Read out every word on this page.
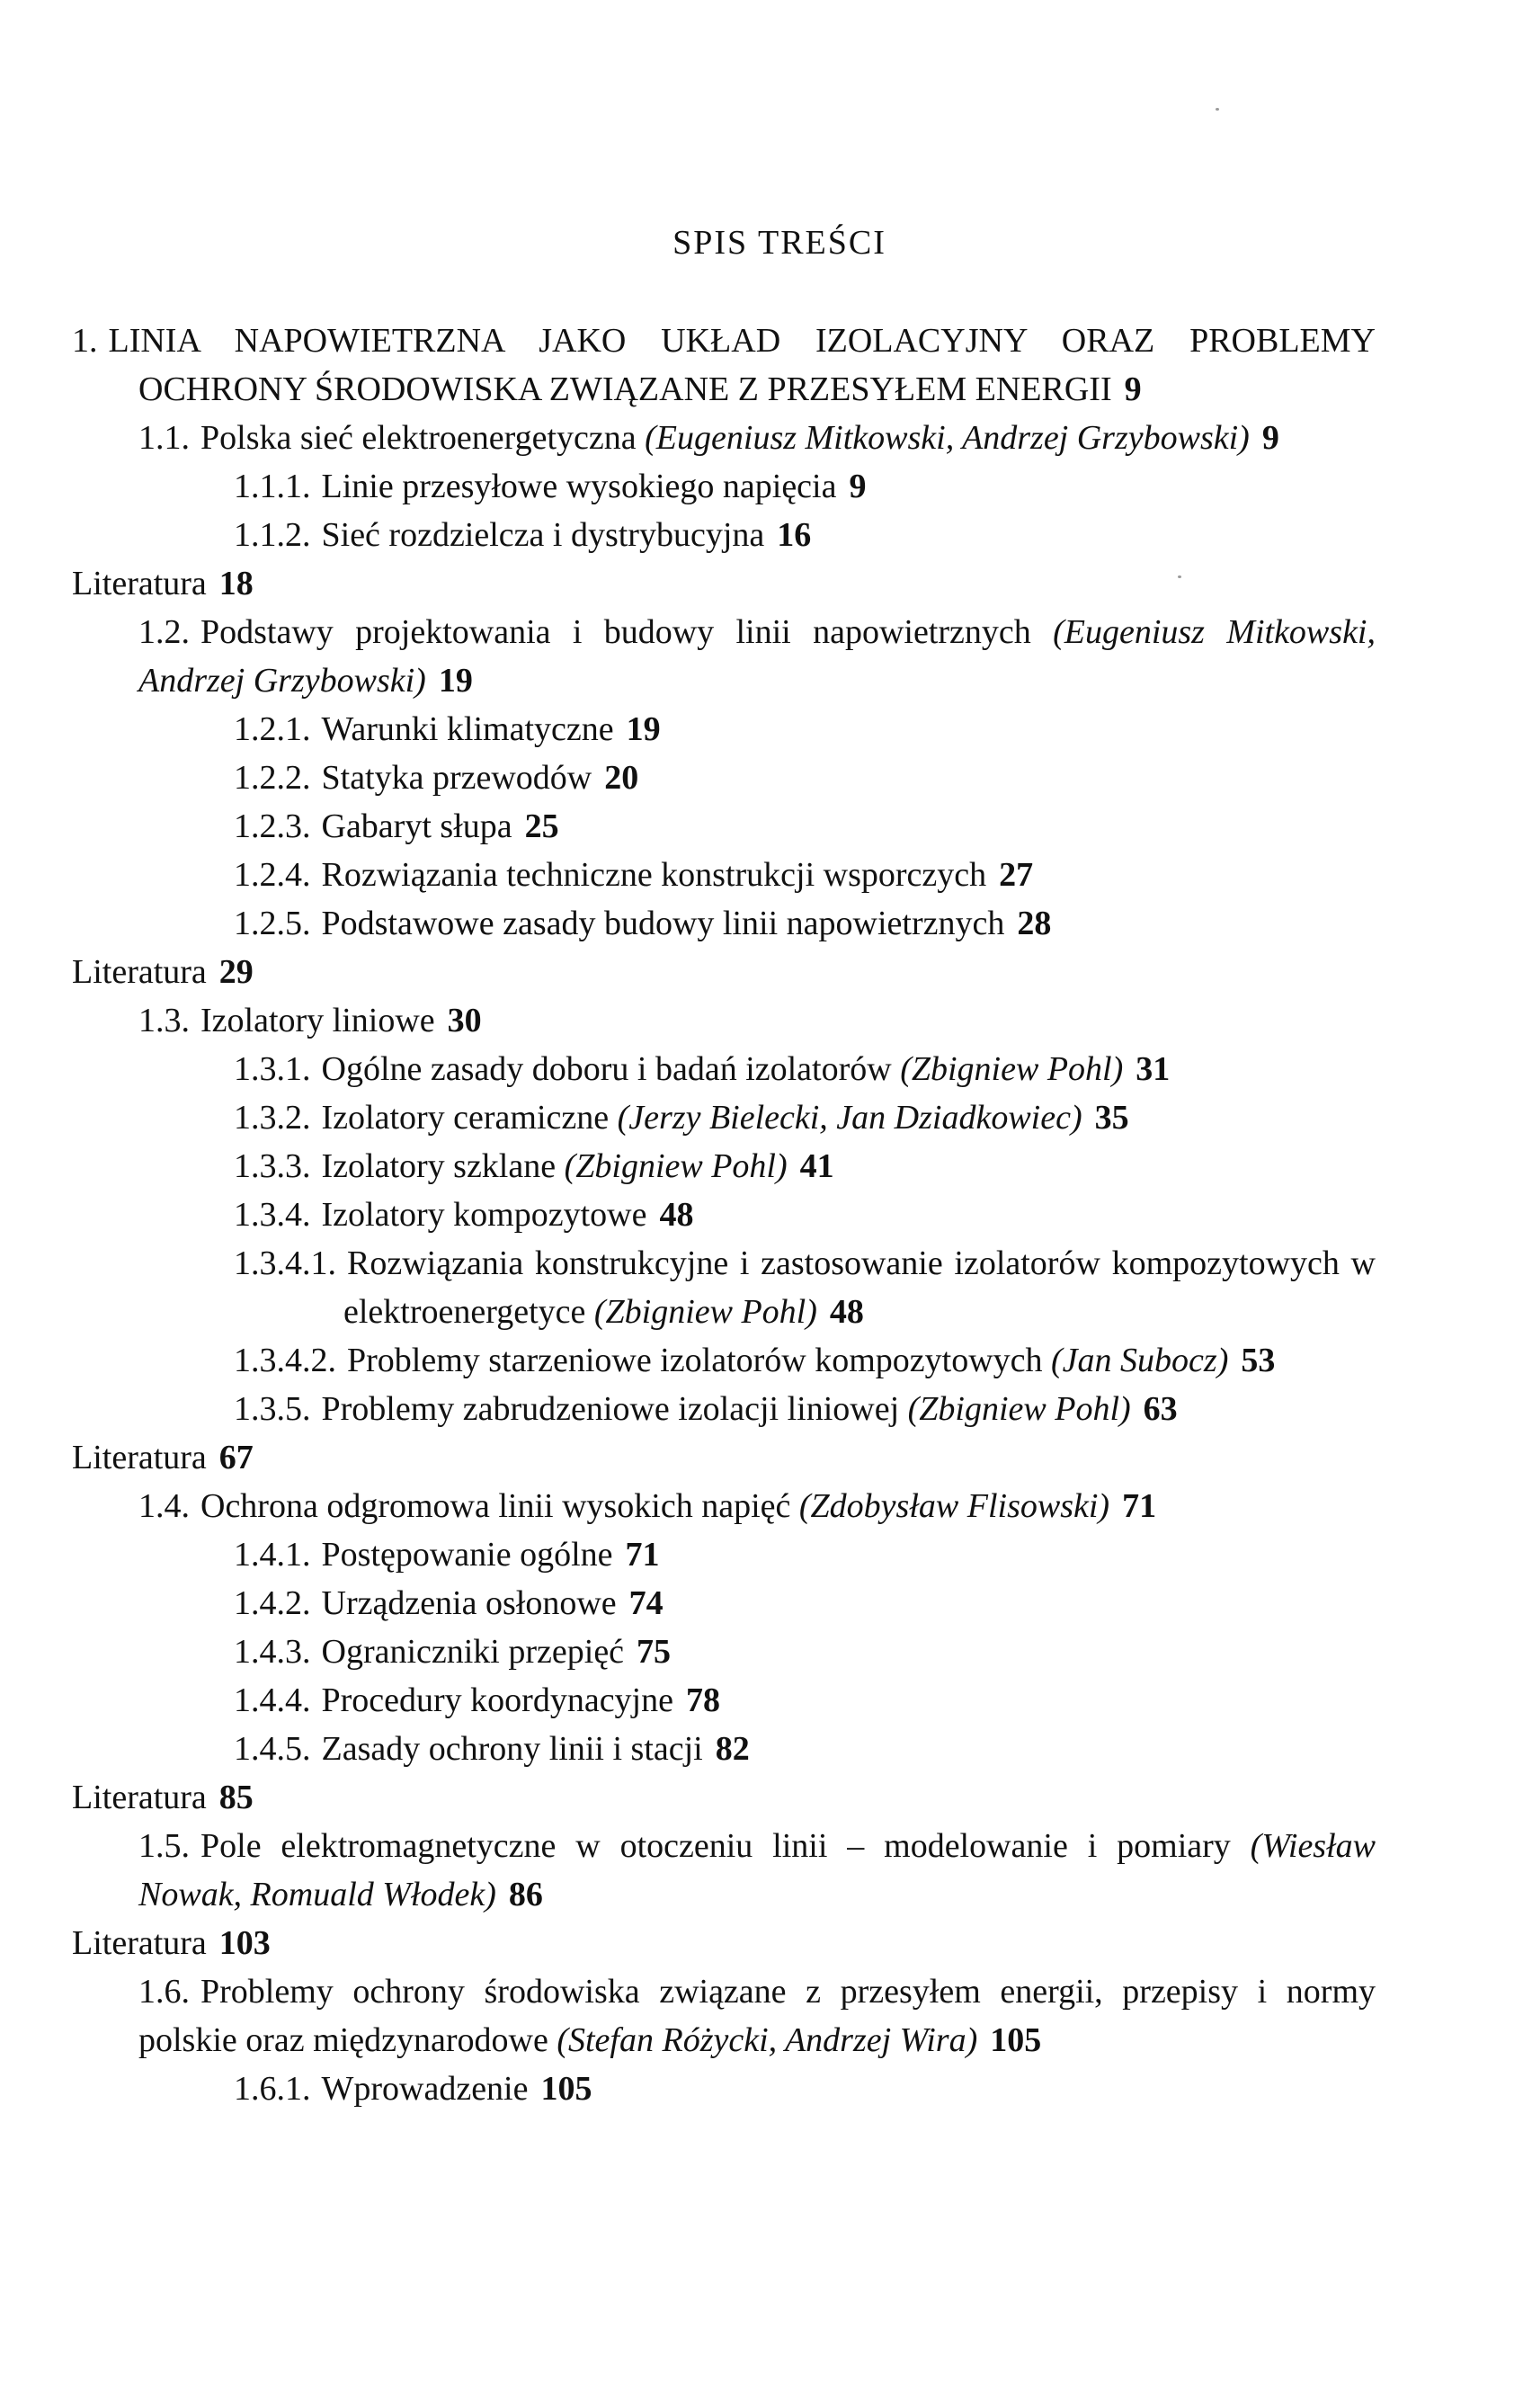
SPIS TREŚCI

1. LINIA NAPOWIETRZNA JAKO UKŁAD IZOLACYJNY ORAZ PROBLEMY OCHRONY ŚRODOWISKA ZWIĄZANE Z PRZESYŁEM ENERGII 9

1.1. Polska sieć elektroenergetyczna (Eugeniusz Mitkowski, Andrzej Grzybowski) 9

1.1.1. Linie przesyłowe wysokiego napięcia 9

1.1.2. Sieć rozdzielcza i dystrybucyjna 16

Literatura 18

1.2. Podstawy projektowania i budowy linii napowietrznych (Eugeniusz Mitkowski, Andrzej Grzybowski) 19

1.2.1. Warunki klimatyczne 19

1.2.2. Statyka przewodów 20

1.2.3. Gabaryt słupa 25

1.2.4. Rozwiązania techniczne konstrukcji wsporczych 27

1.2.5. Podstawowe zasady budowy linii napowietrznych 28

Literatura 29

1.3. Izolatory liniowe 30

1.3.1. Ogólne zasady doboru i badań izolatorów (Zbigniew Pohl) 31

1.3.2. Izolatory ceramiczne (Jerzy Bielecki, Jan Dziadkowiec) 35

1.3.3. Izolatory szklane (Zbigniew Pohl) 41

1.3.4. Izolatory kompozytowe 48

1.3.4.1. Rozwiązania konstrukcyjne i zastosowanie izolatorów kompozytowych w elektroenergetyce (Zbigniew Pohl) 48

1.3.4.2. Problemy starzeniowe izolatorów kompozytowych (Jan Subocz) 53

1.3.5. Problemy zabrudzeniowe izolacji liniowej (Zbigniew Pohl) 63

Literatura 67

1.4. Ochrona odgromowa linii wysokich napięć (Zdobysław Flisowski) 71

1.4.1. Postępowanie ogólne 71

1.4.2. Urządzenia osłonowe 74

1.4.3. Ograniczniki przepięć 75

1.4.4. Procedury koordynacyjne 78

1.4.5. Zasady ochrony linii i stacji 82

Literatura 85

1.5. Pole elektromagnetyczne w otoczeniu linii – modelowanie i pomiary (Wiesław Nowak, Romuald Włodek) 86

Literatura 103

1.6. Problemy ochrony środowiska związane z przesyłem energii, przepisy i normy polskie oraz międzynarodowe (Stefan Różycki, Andrzej Wira) 105

1.6.1. Wprowadzenie 105
